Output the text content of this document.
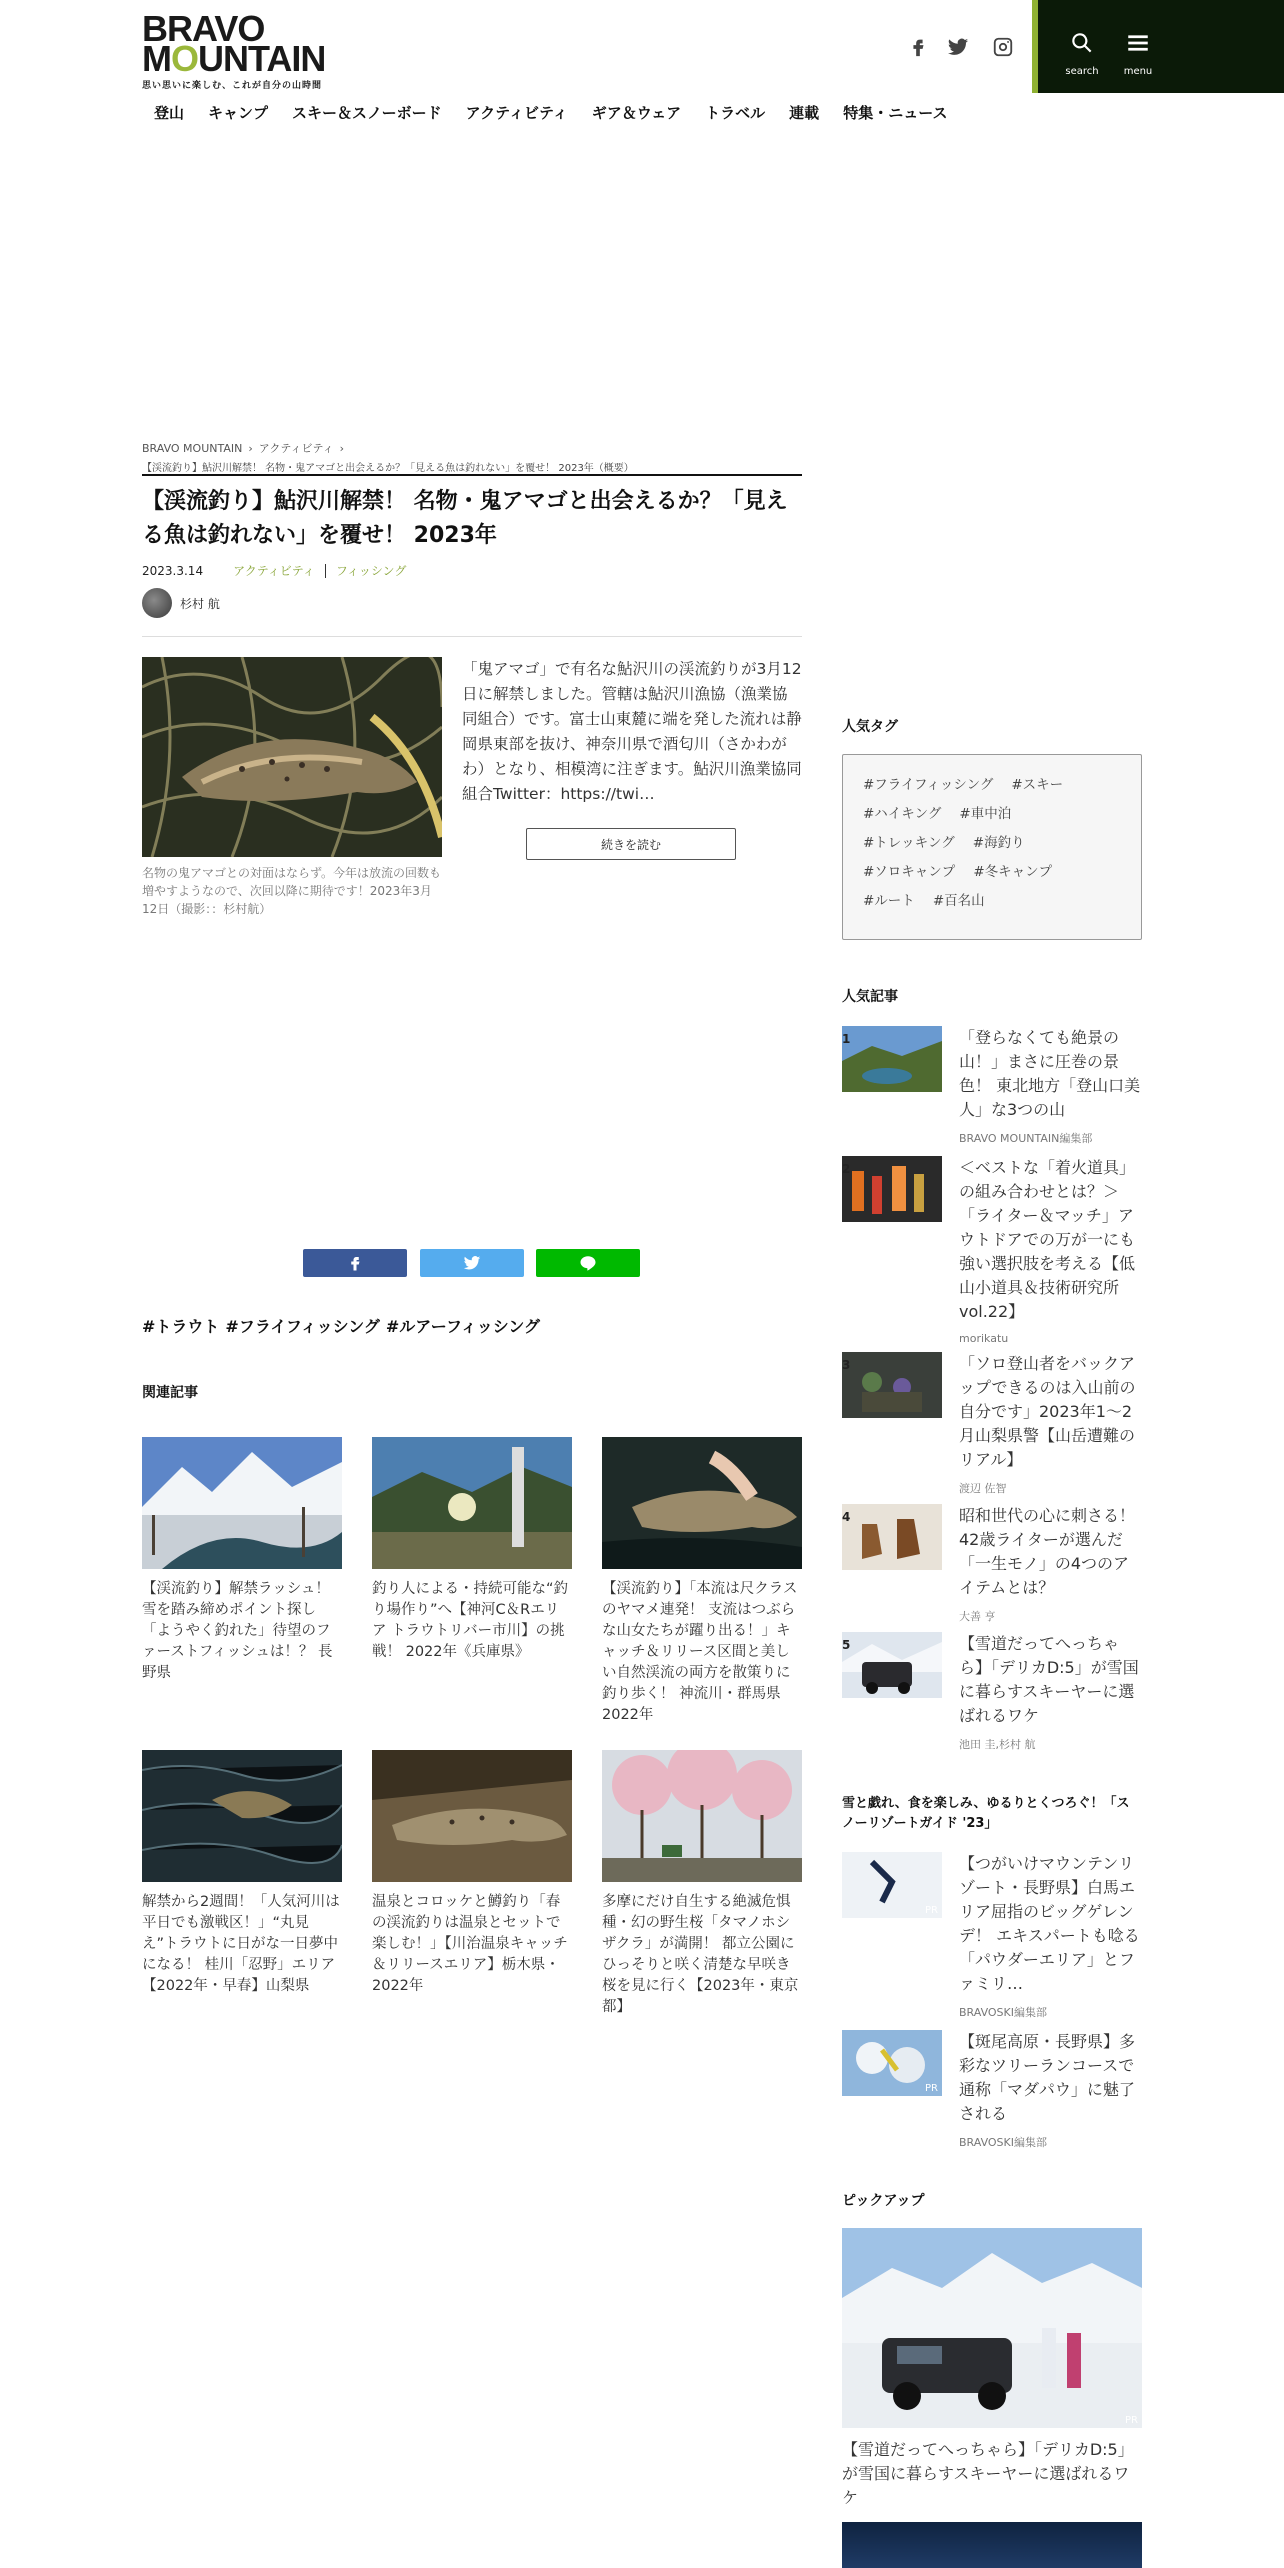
BRAVO
MOUNTAIN
思い思いに楽しむ、これが自分の山時間
search	menu
登山	キャンプ	スキー＆スノーボード	アクティビティ	ギア＆ウェア	トラベル	連載	特集・ニュース
BRAVO MOUNTAIN › アクティビティ ›
【渓流釣り】鮎沢川解禁！ 名物・鬼アマゴと出会えるか？「見える魚は釣れない」を覆せ！ 2023年（概要）
【渓流釣り】鮎沢川解禁！ 名物・鬼アマゴと出会えるか？「見える魚は釣れない」を覆せ！ 2023年
2023.3.14	アクティビティ フィッシング
杉村 航

名物の鬼アマゴとの対面はならず。今年は放流の回数も増やすようなので、次回以降に期待です！2023年3月12日（撮影：：杉村航）

「鬼アマゴ」で有名な鮎沢川の渓流釣りが3月12日に解禁しました。管轄は鮎沢川漁協（漁業協同組合）です。富士山東麓に端を発した流れは静岡県東部を抜け、神奈川県で酒匂川（さかわがわ）となり、相模湾に注ぎます。鮎沢川漁業協同組合Twitter：https://twi…

続きを読む
#トラウト #フライフィッシング #ルアーフィッシング
関連記事

【渓流釣り】解禁ラッシュ！雪を踏み締めポイント探し「ようやく釣れた」待望のファーストフィッシュは！？ 長野県

釣り人による・持続可能な“釣り場作り”へ【神河C＆Rエリア トラウトリバー市川】の挑戦！ 2022年《兵庫県》

【渓流釣り】「本流は尺クラスのヤマメ連発！ 支流はつぶらな山女たちが躍り出る！」キャッチ＆リリース区間と美しい自然渓流の両方を散策りに釣り歩く！ 神流川・群馬県 2022年

解禁から2週間！「人気河川は平日でも激戦区！」“丸見え”トラウトに日がな一日夢中になる！ 桂川「忍野」エリア【2022年・早春】山梨県

温泉とコロッケと鱒釣り「春の渓流釣りは温泉とセットで楽しむ！」【川治温泉キャッチ＆リリースエリア】栃木県・2022年

多摩にだけ自生する絶滅危惧種・幻の野生桜「タマノホシザクラ」が満開！ 都立公園にひっそりと咲く清楚な早咲き桜を見に行く【2023年・東京都】

人気タグ
#フライフィッシング #スキー
#ハイキング #車中泊
#トレッキング #海釣り
#ソロキャンプ #冬キャンプ
#ルート #百名山
人気記事
1	「登らなくても絶景の山！」まさに圧巻の景色！ 東北地方「登山口美人」な3つの山

BRAVO MOUNTAIN編集部

2	＜ベストな「着火道具」の組み合わせとは？＞「ライター＆マッチ」アウトドアでの万が一にも強い選択肢を考える【低山小道具＆技術研究所 vol.22】

morikatu

3	「ソロ登山者をバックアップできるのは入山前の自分です」2023年1〜2月山梨県警【山岳遭難のリアル】

渡辺 佐智

4	昭和世代の心に刺さる！ 42歳ライターが選んだ「一生モノ」の4つのアイテムとは？

大善 亨

5	【雪道だってへっちゃら】「デリカD:5」が雪国に暮らすスキーヤーに選ばれるワケ

池田 圭,杉村 航

雪と戯れ、食を楽しみ、ゆるりとくつろぐ！「スノーリゾートガイド '23」
PR

【つがいけマウンテンリゾート・長野県】白馬エリア屈指のビッグゲレンデ！ エキスパートも唸る「パウダーエリア」とファミリ…

BRAVOSKI編集部

PR

【斑尾高原・長野県】多彩なツリーランコースで通称「マダパウ」に魅了される

BRAVOSKI編集部

ピックアップ
PR

【雪道だってへっちゃら】「デリカD:5」が雪国に暮らすスキーヤーに選ばれるワケ
